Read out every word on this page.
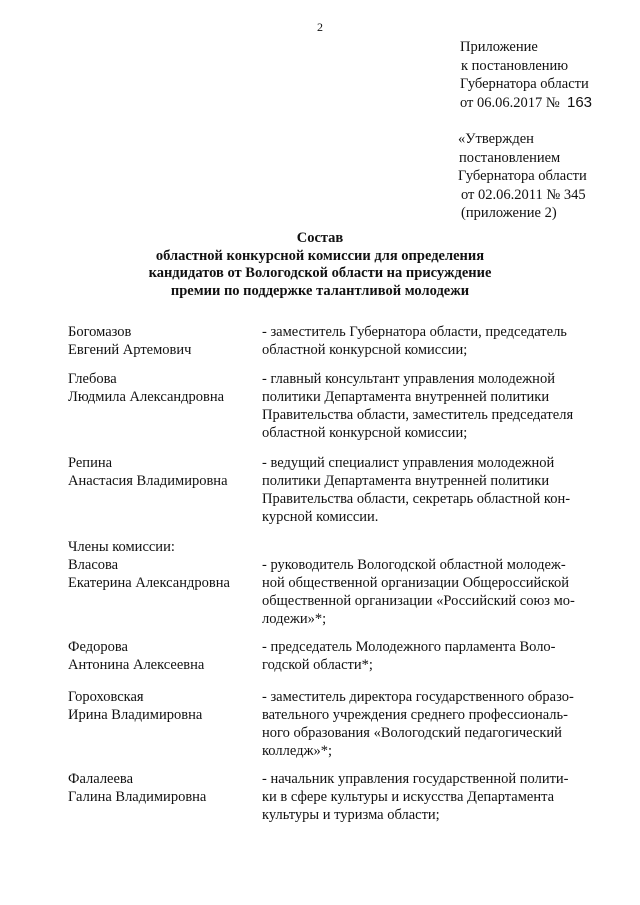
2
Приложение
к постановлению
Губернатора области
от 06.06.2017 № 163
«Утвержден
постановлением
Губернатора области
от 02.06.2011 № 345
(приложение 2)
Состав
областной конкурсной комиссии для определения
кандидатов от Вологодской области на присуждение
премии по поддержке талантливой молодежи
Члены комиссии:
Богомазов
Евгений Артемович
- заместитель Губернатора области, председатель
областной конкурсной комиссии;
Глебова
Людмила Александровна
- главный консультант управления молодежной
политики Департамента внутренней политики
Правительства области, заместитель председателя
областной конкурсной комиссии;
Репина
Анастасия Владимировна
- ведущий специалист управления молодежной
политики Департамента внутренней политики
Правительства области, секретарь областной кон-
курсной комиссии.
Власова
Екатерина Александровна
- руководитель Вологодской областной молодеж-
ной общественной организации Общероссийской
общественной организации «Российский союз мо-
лодежи»*;
Федорова
Антонина Алексеевна
- председатель Молодежного парламента Воло-
годской области*;
Гороховская
Ирина Владимировна
- заместитель директора государственного образо-
вательного учреждения среднего профессиональ-
ного образования «Вологодский педагогический
колледж»*;
Фалалеева
Галина Владимировна
- начальник управления государственной полити-
ки в сфере культуры и искусства Департамента
культуры и туризма области;
